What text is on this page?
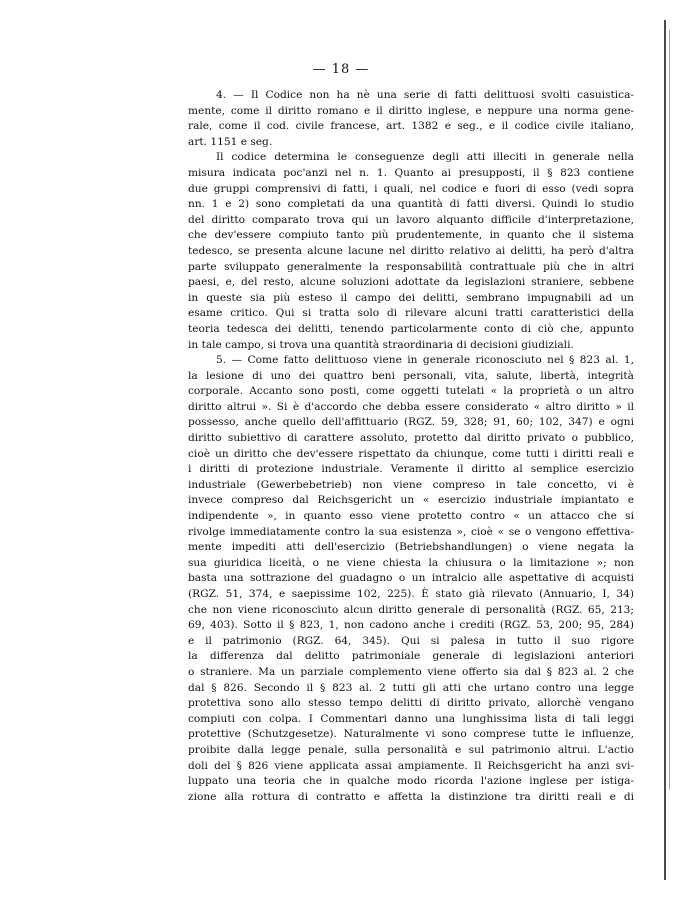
— 18 —
4. — Il Codice non ha nè una serie di fatti delittuosi svolti casuistica-
mente, come il diritto romano e il diritto inglese, e neppure una norma gene-
rale, come il cod. civile francese, art. 1382 e seg., e il codice civile italiano,
art. 1151 e seg.
Il codice determina le conseguenze degli atti illeciti in generale nella
misura indicata poc'anzi nel n. 1. Quanto ai presupposti, il § 823 contiene
due gruppi comprensivi di fatti, i quali, nel codice e fuori di esso (vedi sopra
nn. 1 e 2) sono completati da una quantità di fatti diversi. Quindi lo studio
del diritto comparato trova qui un lavoro alquanto difficile d'interpretazione,
che dev'essere compiuto tanto più prudentemente, in quanto che il sistema
tedesco, se presenta alcune lacune nel diritto relativo ai delitti, ha però d'altra
parte sviluppato generalmente la responsabilità contrattuale più che in altri
paesi, e, del resto, alcune soluzioni adottate da legislazioni straniere, sebbene
in queste sia più esteso il campo dei delitti, sembrano impugnabili ad un
esame critico. Qui si tratta solo di rilevare alcuni tratti caratteristici della
teoria tedesca dei delitti, tenendo particolarmente conto di ciò che, appunto
in tale campo, si trova una quantità straordinaria di decisioni giudiziali.
5. — Come fatto delittuoso viene in generale riconosciuto nel § 823 al. 1,
la lesione di uno dei quattro beni personali, vita, salute, libertà, integrità
corporale. Accanto sono posti, come oggetti tutelati « la proprietà o un altro
diritto altrui ». Si è d'accordo che debba essere considerato « altro diritto » il
possesso, anche quello dell'affittuario (RGZ. 59, 328; 91, 60; 102, 347) e ogni
diritto subiettivo di carattere assoluto, protetto dal diritto privato o pubblico,
cioè un diritto che dev'essere rispettato da chiunque, come tutti i diritti reali e
i diritti di protezione industriale. Veramente il diritto al semplice esercizio
industriale (Gewerbebetrieb) non viene compreso in tale concetto, vi è
invece compreso dal Reichsgericht un « esercizio industriale impiantato e
indipendente », in quanto esso viene protetto contro « un attacco che si
rivolge immediatamente contro la sua esistenza », cioè « se o vengono effettiva-
mente impediti atti dell'esercizio (Betriebshandlungen) o viene negata la
sua giuridica liceità, o ne viene chiesta la chiusura o la limitazione »; non
basta una sottrazione del guadagno o un intralcio alle aspettative di acquisti
(RGZ. 51, 374, e saepissime 102, 225). È stato già rilevato (Annuario, I, 34)
che non viene riconosciuto alcun diritto generale di personalità (RGZ. 65, 213;
69, 403). Sotto il § 823, 1, non cadono anche i crediti (RGZ. 53, 200; 95, 284)
e il patrimonio (RGZ. 64, 345). Qui si palesa in tutto il suo rigore
la differenza dal delitto patrimoniale generale di legislazioni anteriori
o straniere. Ma un parziale complemento viene offerto sia dal § 823 al. 2 che
dal § 826. Secondo il § 823 al. 2 tutti gli atti che urtano contro una legge
protettiva sono allo stesso tempo delitti di diritto privato, allorchè vengano
compiuti con colpa. I Commentari danno una lunghissima lista di tali leggi
protettive (Schutzgesetze). Naturalmente vi sono comprese tutte le influenze,
proibite dalla legge penale, sulla personalità e sul patrimonio altrui. L'actio
doli del § 826 viene applicata assai ampiamente. Il Reichsgericht ha anzi svi-
luppato una teoria che in qualche modo ricorda l'azione inglese per istiga-
zione alla rottura di contratto e affetta la distinzione tra diritti reali e di
